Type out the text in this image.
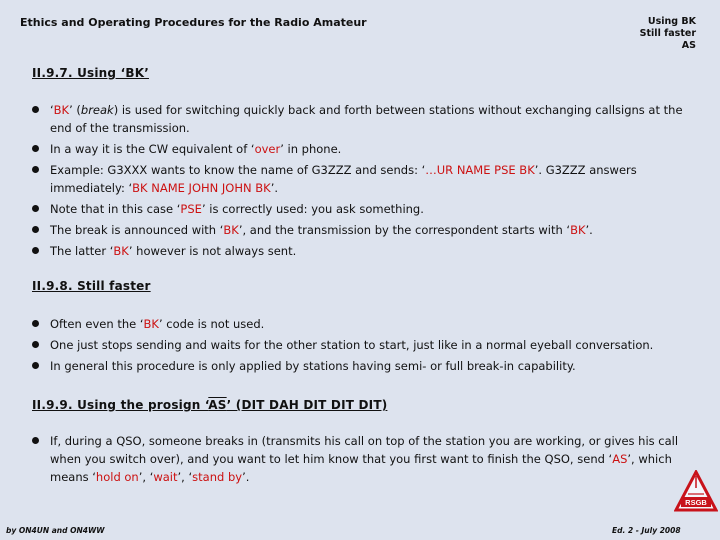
Ethics and Operating Procedures for the Radio Amateur	Using BK
Still faster
AS
II.9.7. Using ‘BK’
‘BK’ (break) is used for switching quickly back and forth between stations without exchanging callsigns at the end of the transmission.
In a way it is the CW equivalent of ‘over’ in phone.
Example: G3XXX wants to know the name of G3ZZZ and sends: ‘…UR NAME PSE BK’. G3ZZZ answers immediately: ‘BK NAME JOHN JOHN BK’.
Note that in this case ‘PSE’ is correctly used: you ask something.
The break is announced with ‘BK’, and the transmission by the correspondent starts with ‘BK’.
The latter ‘BK’ however is not always sent.
II.9.8. Still faster
Often even the ‘BK’ code is not used.
One just stops sending and waits for the other station to start, just like in a normal eyeball conversation.
In general this procedure is only applied by stations having semi- or full break-in capability.
II.9.9. Using the prosign ‘AS’ (DIT DAH DIT DIT DIT)
If, during a QSO, someone breaks in (transmits his call on top of the station you are working, or gives his call when you switch over), and you want to let him know that you first want to finish the QSO, send ‘AS’, which means ‘hold on’, ‘wait’, ‘stand by’.
RSGB
by ON4UN and ON4WW	Ed. 2 - July 2008
